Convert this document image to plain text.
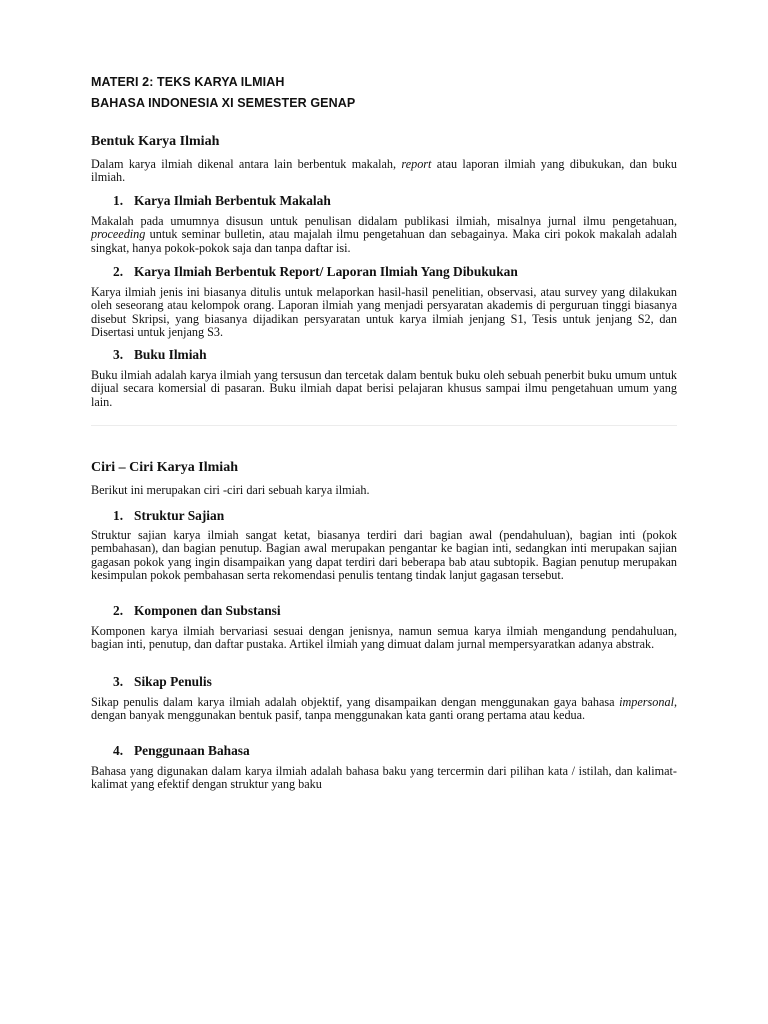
MATERI 2: TEKS KARYA ILMIAH
BAHASA INDONESIA XI SEMESTER GENAP
Bentuk Karya Ilmiah

Dalam karya ilmiah dikenal antara lain berbentuk makalah, report atau laporan ilmiah yang dibukukan, dan buku ilmiah.

1. Karya Ilmiah Berbentuk Makalah

Makalah pada umumnya disusun untuk penulisan didalam publikasi ilmiah, misalnya jurnal ilmu pengetahuan, proceeding untuk seminar bulletin, atau majalah ilmu pengetahuan dan sebagainya. Maka ciri pokok makalah adalah singkat, hanya pokok-pokok saja dan tanpa daftar isi.

2. Karya Ilmiah Berbentuk Report/ Laporan Ilmiah Yang Dibukukan

Karya ilmiah jenis ini biasanya ditulis untuk melaporkan hasil-hasil penelitian, observasi, atau survey yang dilakukan oleh seseorang atau kelompok orang. Laporan ilmiah yang menjadi persyaratan akademis di perguruan tinggi biasanya disebut Skripsi, yang biasanya dijadikan persyaratan untuk karya ilmiah jenjang S1, Tesis untuk jenjang S2, dan Disertasi untuk jenjang S3.

3. Buku Ilmiah

Buku ilmiah adalah karya ilmiah yang tersusun dan tercetak dalam bentuk buku oleh sebuah penerbit buku umum untuk dijual secara komersial di pasaran. Buku ilmiah dapat berisi pelajaran khusus sampai ilmu pengetahuan umum yang lain.

Ciri – Ciri Karya Ilmiah

Berikut ini merupakan ciri -ciri dari sebuah karya ilmiah.

1. Struktur Sajian

Struktur sajian karya ilmiah sangat ketat, biasanya terdiri dari bagian awal (pendahuluan), bagian inti (pokok pembahasan), dan bagian penutup. Bagian awal merupakan pengantar ke bagian inti, sedangkan inti merupakan sajian gagasan pokok yang ingin disampaikan yang dapat terdiri dari beberapa bab atau subtopik. Bagian penutup merupakan kesimpulan pokok pembahasan serta rekomendasi penulis tentang tindak lanjut gagasan tersebut.

2. Komponen dan Substansi

Komponen karya ilmiah bervariasi sesuai dengan jenisnya, namun semua karya ilmiah mengandung pendahuluan, bagian inti, penutup, dan daftar pustaka. Artikel ilmiah yang dimuat dalam jurnal mempersyaratkan adanya abstrak.

3. Sikap Penulis

Sikap penulis dalam karya ilmiah adalah objektif, yang disampaikan dengan menggunakan gaya bahasa impersonal, dengan banyak menggunakan bentuk pasif, tanpa menggunakan kata ganti orang pertama atau kedua.

4. Penggunaan Bahasa

Bahasa yang digunakan dalam karya ilmiah adalah bahasa baku yang tercermin dari pilihan kata / istilah, dan kalimat-kalimat yang efektif dengan struktur yang baku
